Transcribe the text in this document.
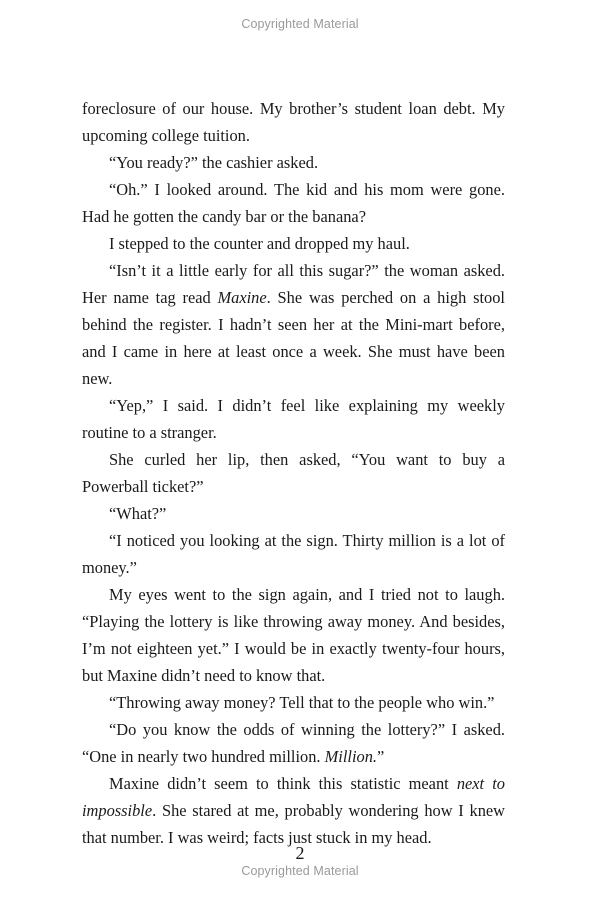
Copyrighted Material

foreclosure of our house. My brother’s student loan debt. My upcoming college tuition.

“You ready?” the cashier asked.

“Oh.” I looked around. The kid and his mom were gone. Had he gotten the candy bar or the banana?

I stepped to the counter and dropped my haul.

“Isn’t it a little early for all this sugar?” the woman asked. Her name tag read Maxine. She was perched on a high stool behind the register. I hadn’t seen her at the Mini-mart before, and I came in here at least once a week. She must have been new.

“Yep,” I said. I didn’t feel like explaining my weekly routine to a stranger.

She curled her lip, then asked, “You want to buy a Powerball ticket?”

“What?”

“I noticed you looking at the sign. Thirty million is a lot of money.”

My eyes went to the sign again, and I tried not to laugh. “Playing the lottery is like throwing away money. And besides, I’m not eighteen yet.” I would be in exactly twenty-four hours, but Maxine didn’t need to know that.

“Throwing away money? Tell that to the people who win.”

“Do you know the odds of winning the lottery?” I asked. “One in nearly two hundred million. Million.”

Maxine didn’t seem to think this statistic meant next to impossible. She stared at me, probably wondering how I knew that number. I was weird; facts just stuck in my head.

2
Copyrighted Material
